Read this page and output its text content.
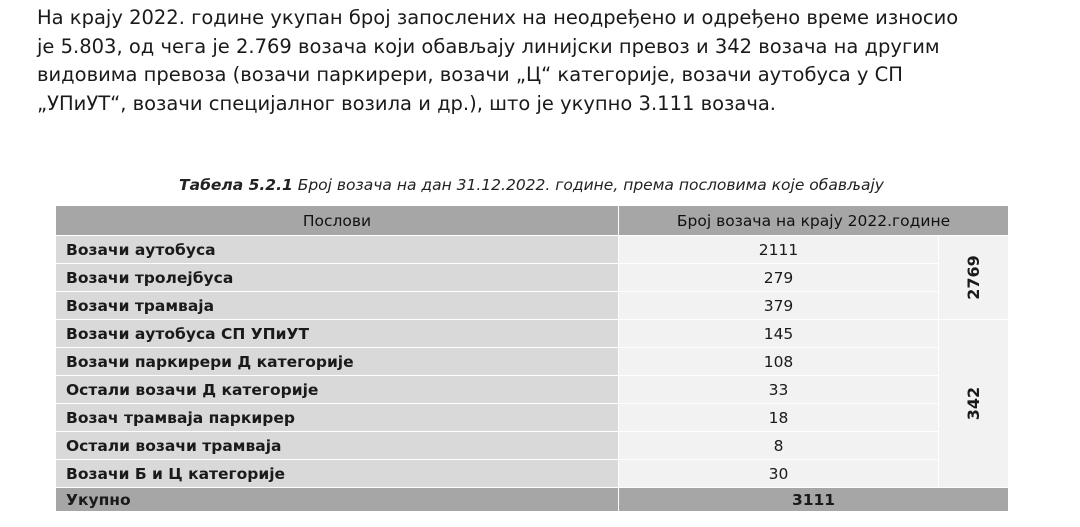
На крају 2022. године укупан број запослених на неодређено и одређено време износио
је 5.803, од чега је 2.769 возача који обављају линијски превоз и 342 возача на другим
видовима превоза (возачи паркирери, возачи „Ц“ категорије, возачи аутобуса у СП
„УПиУТ“, возачи специјалног возила и др.), што је укупно 3.111 возача.

Табела 5.2.1 Број возача на дан 31.12.2022. године, према пословима које обављају
Послови	Број возача на крају 2022.године	
Возачи аутобуса	2111	2769
Возачи тролејбуса	279	
Возачи трамваја	379	
Возачи аутобуса СП УПиУТ	145	342
Возачи паркирери Д категорије	108	
Остали возачи Д категорије	33	
Возач трамваја паркирер	18	
Остали возачи трамваја	8	
Возачи Б и Ц категорије	30	
Укупно	3111	
